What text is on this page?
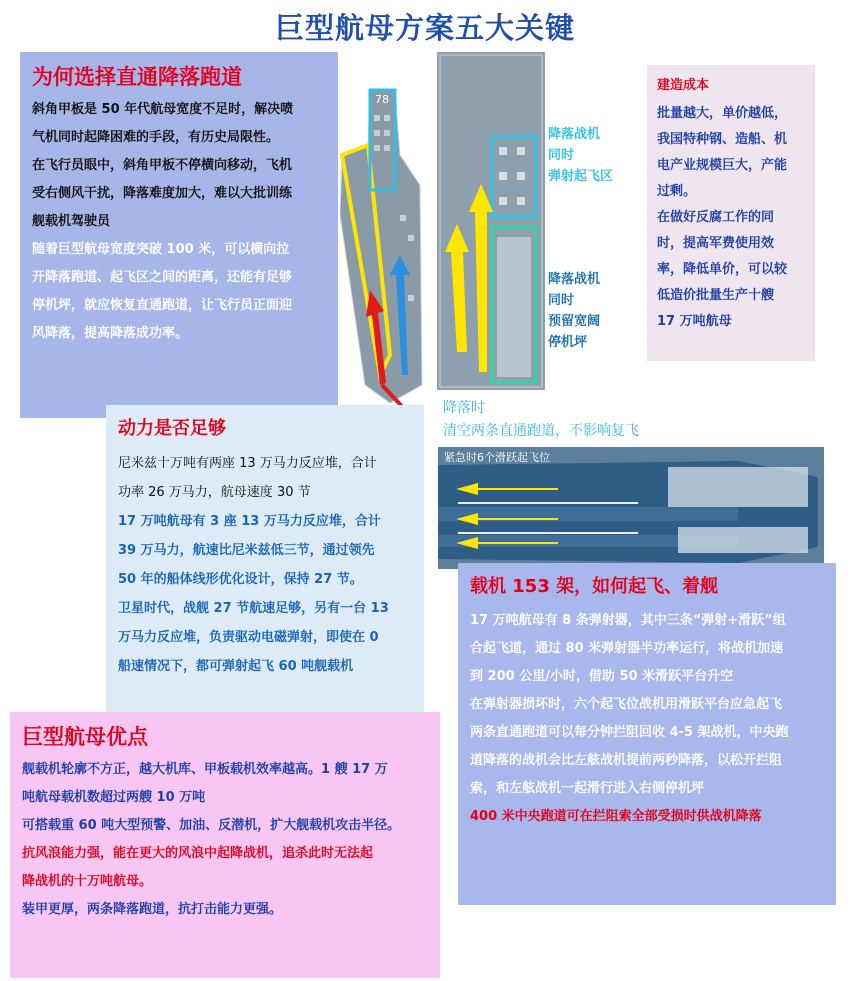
巨型航母方案五大关键
为何选择直通降落跑道
斜角甲板是 50 年代航母宽度不足时，解决喷
气机同时起降困难的手段，有历史局限性。
在飞行员眼中，斜角甲板不停横向移动，飞机
受右侧风干扰，降落难度加大，难以大批训练
舰载机驾驶员
随着巨型航母宽度突破 100 米，可以横向拉
开降落跑道、起飞区之间的距离，还能有足够
停机坪，就应恢复直通跑道，让飞行员正面迎
风降落，提高降落成功率。
78
降落战机
同时
弹射起飞区
降落战机
同时
预留宽阔
停机坪
降落时
清空两条直通跑道，不影响复飞
建造成本
批量越大，单价越低，
我国特种钢、造船、机
电产业规模巨大，产能
过剩。
在做好反腐工作的同
时，提高军费使用效
率，降低单价，可以较
低造价批量生产十艘
17 万吨航母
紧急时6个滑跃起飞位
动力是否足够
尼米兹十万吨有两座 13 万马力反应堆，合计
功率 26 万马力，航母速度 30 节
17 万吨航母有 3 座 13 万马力反应堆，合计
39 万马力，航速比尼米兹低三节，通过领先
50 年的船体线形优化设计，保持 27 节。
卫星时代，战舰 27 节航速足够，另有一台 13
万马力反应堆，负责驱动电磁弹射，即使在 0
船速情况下，都可弹射起飞 60 吨舰载机
巨型航母优点
舰载机轮廓不方正，越大机库、甲板载机效率越高。1 艘 17 万
吨航母载机数超过两艘 10 万吨
可搭载重 60 吨大型预警、加油、反潜机，扩大舰载机攻击半径。
抗风浪能力强，能在更大的风浪中起降战机，追杀此时无法起
降战机的十万吨航母。
装甲更厚，两条降落跑道，抗打击能力更强。
载机 153 架，如何起飞、着舰
17 万吨航母有 8 条弹射器，其中三条“弹射+滑跃”组
合起飞道，通过 80 米弹射器半功率运行，将战机加速
到 200 公里/小时，借助 50 米滑跃平台升空
在弹射器损坏时，六个起飞位战机用滑跃平台应急起飞
两条直通跑道可以每分钟拦阻回收 4-5 架战机，中央跑
道降落的战机会比左舷战机提前两秒降落，以松开拦阻
索，和左舷战机一起滑行进入右侧停机坪
400 米中央跑道可在拦阻索全部受损时供战机降落
